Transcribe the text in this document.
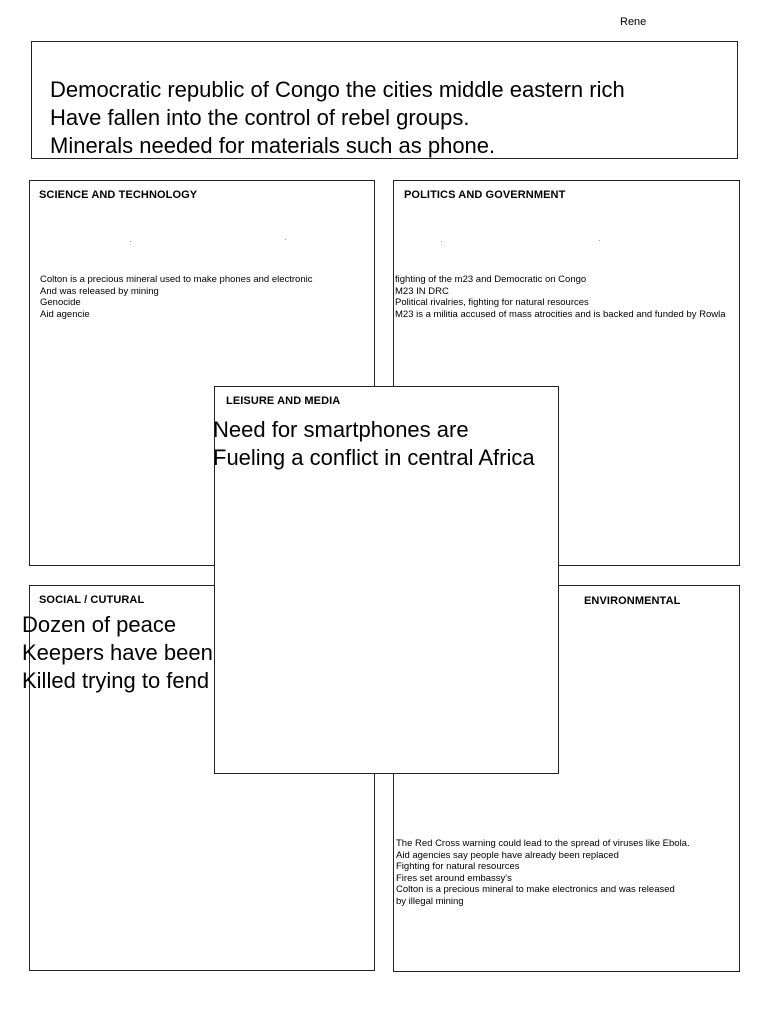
Rene
Democratic republic of Congo the cities middle eastern rich
Have fallen into the control of rebel groups.
Minerals needed for materials such as phone.
SCIENCE AND TECHNOLOGY
Colton is a precious mineral used to make phones and electronic
And was released by mining
Genocide
Aid agencie
POLITICS AND GOVERNMENT
fighting of the m23 and Democratic on Congo
M23 IN DRC
Political rivalries, fighting for natural resources
M23 is a militia accused of mass atrocities and is backed and funded by Rowla
SOCIAL / CUTURAL	ENVIRONMENTAL
The Red Cross warning could lead to the spread of viruses like Ebola.
Aid agencies say people have already been replaced
Fighting for natural resources
Fires set around embassy's
Colton is a precious mineral to make electronics and was released
by illegal mining
LEISURE AND MEDIA
Need for smartphones are
Fueling a conflict in central Africa
Dozen of peace
Keepers have been
Killed trying to fend
